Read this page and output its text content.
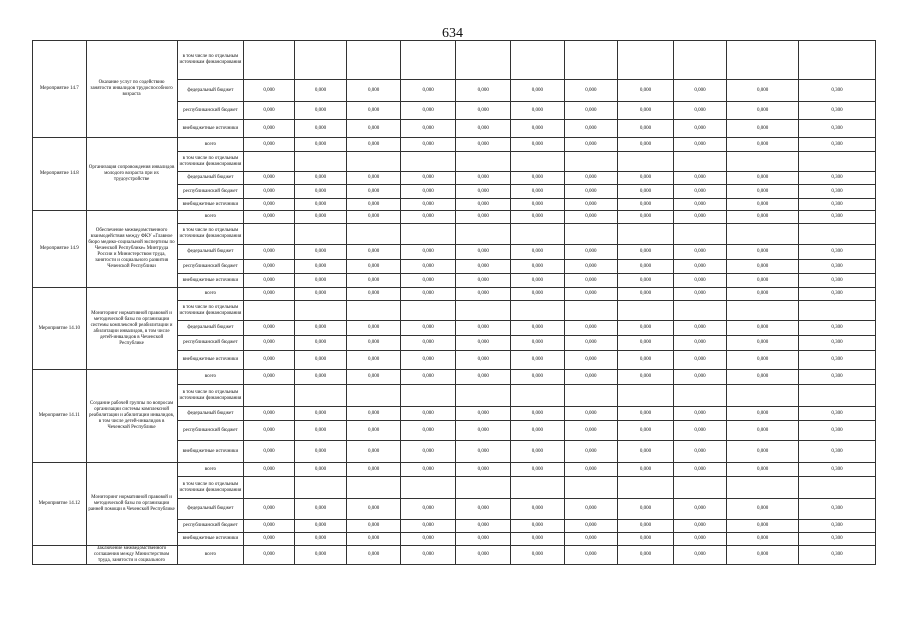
634
Мероприятие 14.7	Оказание услуг по содействию занятости инвалидов трудоспособного возраста	в том числе по отдельным источникам финансирования											
		федеральный бюджет	0,000	0,000	0,000	0,000	0,000	0,000	0,000	0,000	0,000	0,000	0,300
		республиканский бюджет	0,000	0,000	0,000	0,000	0,000	0,000	0,000	0,000	0,000	0,000	0,300
		внебюджетные источники	0,000	0,000	0,000	0,000	0,000	0,000	0,000	0,000	0,000	0,000	0,300
Мероприятие 14.8	Организация сопровождения инвалидов молодого возраста при их трудоустройстве	всего	0,000	0,000	0,000	0,000	0,000	0,000	0,000	0,000	0,000	0,000	0,300
		в том числе по отдельным источникам финансирования											
		федеральный бюджет	0,000	0,000	0,000	0,000	0,000	0,000	0,000	0,000	0,000	0,000	0,300
		республиканский бюджет	0,000	0,000	0,000	0,000	0,000	0,000	0,000	0,000	0,000	0,000	0,300
		внебюджетные источники	0,000	0,000	0,000	0,000	0,000	0,000	0,000	0,000	0,000	0,000	0,300
Мероприятие 14.9	Обеспечение межведомственного взаимодействия между ФКУ «Главное бюро медико-социальной экспертизы по Чеченской Республике» Минтруда России и Министерством труда, занятости и социального развития Чеченской Республики	всего	0,000	0,000	0,000	0,000	0,000	0,000	0,000	0,000	0,000	0,000	0,300
		в том числе по отдельным источникам финансирования											
		федеральный бюджет	0,000	0,000	0,000	0,000	0,000	0,000	0,000	0,000	0,000	0,000	0,300
		республиканский бюджет	0,000	0,000	0,000	0,000	0,000	0,000	0,000	0,000	0,000	0,000	0,300
		внебюджетные источники	0,000	0,000	0,000	0,000	0,000	0,000	0,000	0,000	0,000	0,000	0,300
Мероприятие 14.10	Мониторинг нормативной правовой и методической базы по организации системы комплексной реабилитации и абилитации инвалидов, в том числе детей-инвалидов в Чеченской Республике	всего	0,000	0,000	0,000	0,000	0,000	0,000	0,000	0,000	0,000	0,000	0,300
		в том числе по отдельным источникам финансирования											
		федеральный бюджет	0,000	0,000	0,000	0,000	0,000	0,000	0,000	0,000	0,000	0,000	0,300
		республиканский бюджет	0,000	0,000	0,000	0,000	0,000	0,000	0,000	0,000	0,000	0,000	0,300
		внебюджетные источники	0,000	0,000	0,000	0,000	0,000	0,000	0,000	0,000	0,000	0,000	0,300
Мероприятие 14.11	Создание рабочей группы по вопросам организации системы комплексной реабилитации и абилитации инвалидов, в том числе детей-инвалидов в Чеченской Республике	всего	0,000	0,000	0,000	0,000	0,000	0,000	0,000	0,000	0,000	0,000	0,300
		в том числе по отдельным источникам финансирования											
		федеральный бюджет	0,000	0,000	0,000	0,000	0,000	0,000	0,000	0,000	0,000	0,000	0,300
		республиканский бюджет	0,000	0,000	0,000	0,000	0,000	0,000	0,000	0,000	0,000	0,000	0,300
		внебюджетные источники	0,000	0,000	0,000	0,000	0,000	0,000	0,000	0,000	0,000	0,000	0,300
Мероприятие 14.12	Мониторинг нормативной правовой и методической базы по организации ранней помощи в Чеченской Республике	всего	0,000	0,000	0,000	0,000	0,000	0,000	0,000	0,000	0,000	0,000	0,300
		в том числе по отдельным источникам финансирования											
		федеральный бюджет	0,000	0,000	0,000	0,000	0,000	0,000	0,000	0,000	0,000	0,000	0,300
		республиканский бюджет	0,000	0,000	0,000	0,000	0,000	0,000	0,000	0,000	0,000	0,000	0,300
		внебюджетные источники	0,000	0,000	0,000	0,000	0,000	0,000	0,000	0,000	0,000	0,000	0,300
	Заключение межведомственного соглашения между Министерством труда, занятости и социального	всего	0,000	0,000	0,000	0,000	0,000	0,000	0,000	0,000	0,000	0,000	0,300
